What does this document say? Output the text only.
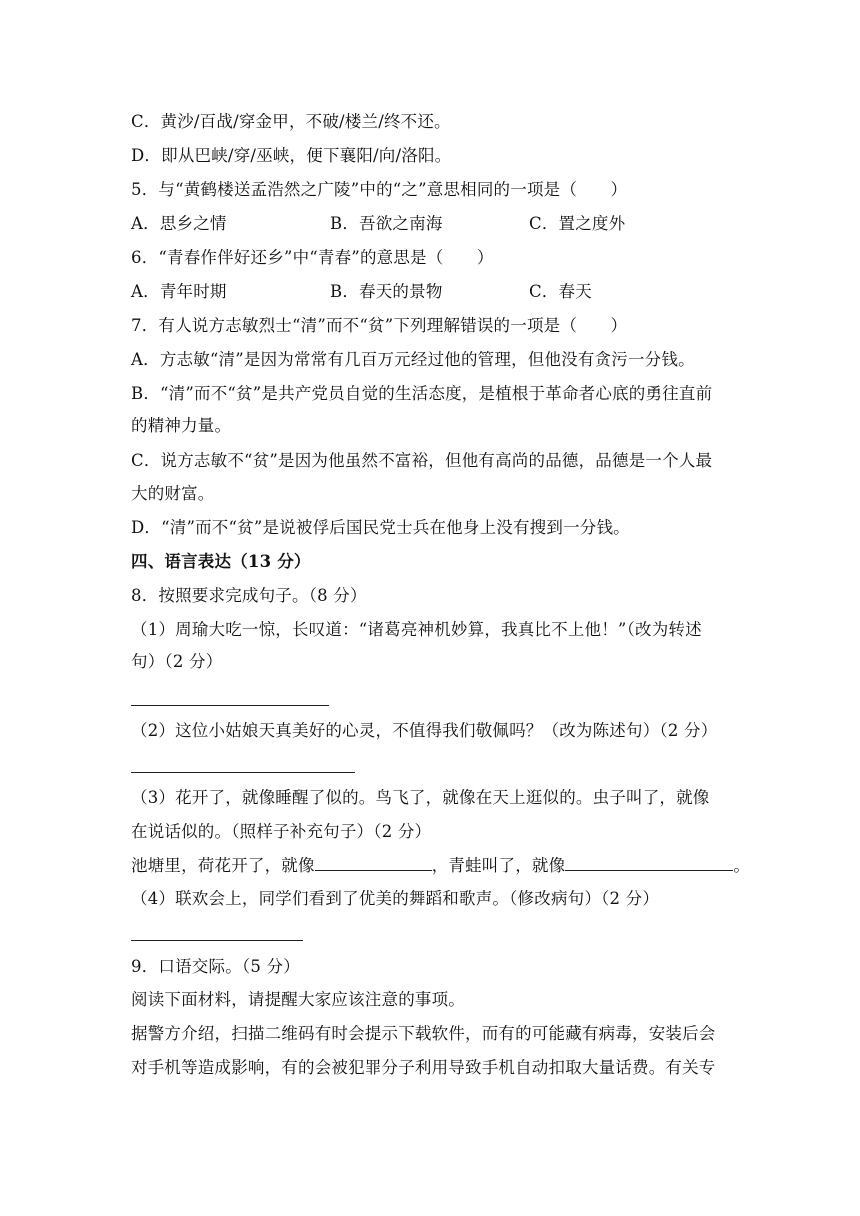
C．黄沙/百战/穿金甲，不破/楼兰/终不还。
D．即从巴峡/穿/巫峡，便下襄阳/向/洛阳。
5．与“黄鹤楼送孟浩然之广陵”中的“之”意思相同的一项是（　　）
A．思乡之情	B．吾欲之南海	C．置之度外
6．“青春作伴好还乡”中“青春”的意思是（　　）
A．青年时期	B．春天的景物	C．春天
7．有人说方志敏烈士“清”而不“贫”下列理解错误的一项是（　　）
A．方志敏“清”是因为常常有几百万元经过他的管理，但他没有贪污一分钱。
B．“清”而不“贫”是共产党员自觉的生活态度，是植根于革命者心底的勇往直前
的精神力量。
C．说方志敏不“贫”是因为他虽然不富裕，但他有高尚的品德，品德是一个人最
大的财富。
D．“清”而不“贫”是说被俘后国民党士兵在他身上没有搜到一分钱。
四、语言表达（13 分）
8．按照要求完成句子。（8 分）
（1）周瑜大吃一惊，长叹道：“诸葛亮神机妙算，我真比不上他！”（改为转述
句）（2 分）
（2）这位小姑娘天真美好的心灵，不值得我们敬佩吗？（改为陈述句）（2 分）
（3）花开了，就像睡醒了似的。鸟飞了，就像在天上逛似的。虫子叫了，就像
在说话似的。（照样子补充句子）（2 分）
池塘里，荷花开了，就像	，青蛙叫了，就像	。
（4）联欢会上，同学们看到了优美的舞蹈和歌声。（修改病句）（2 分）
9．口语交际。（5 分）
阅读下面材料，请提醒大家应该注意的事项。
据警方介绍，扫描二维码有时会提示下载软件，而有的可能藏有病毒，安装后会
对手机等造成影响，有的会被犯罪分子利用导致手机自动扣取大量话费。有关专
